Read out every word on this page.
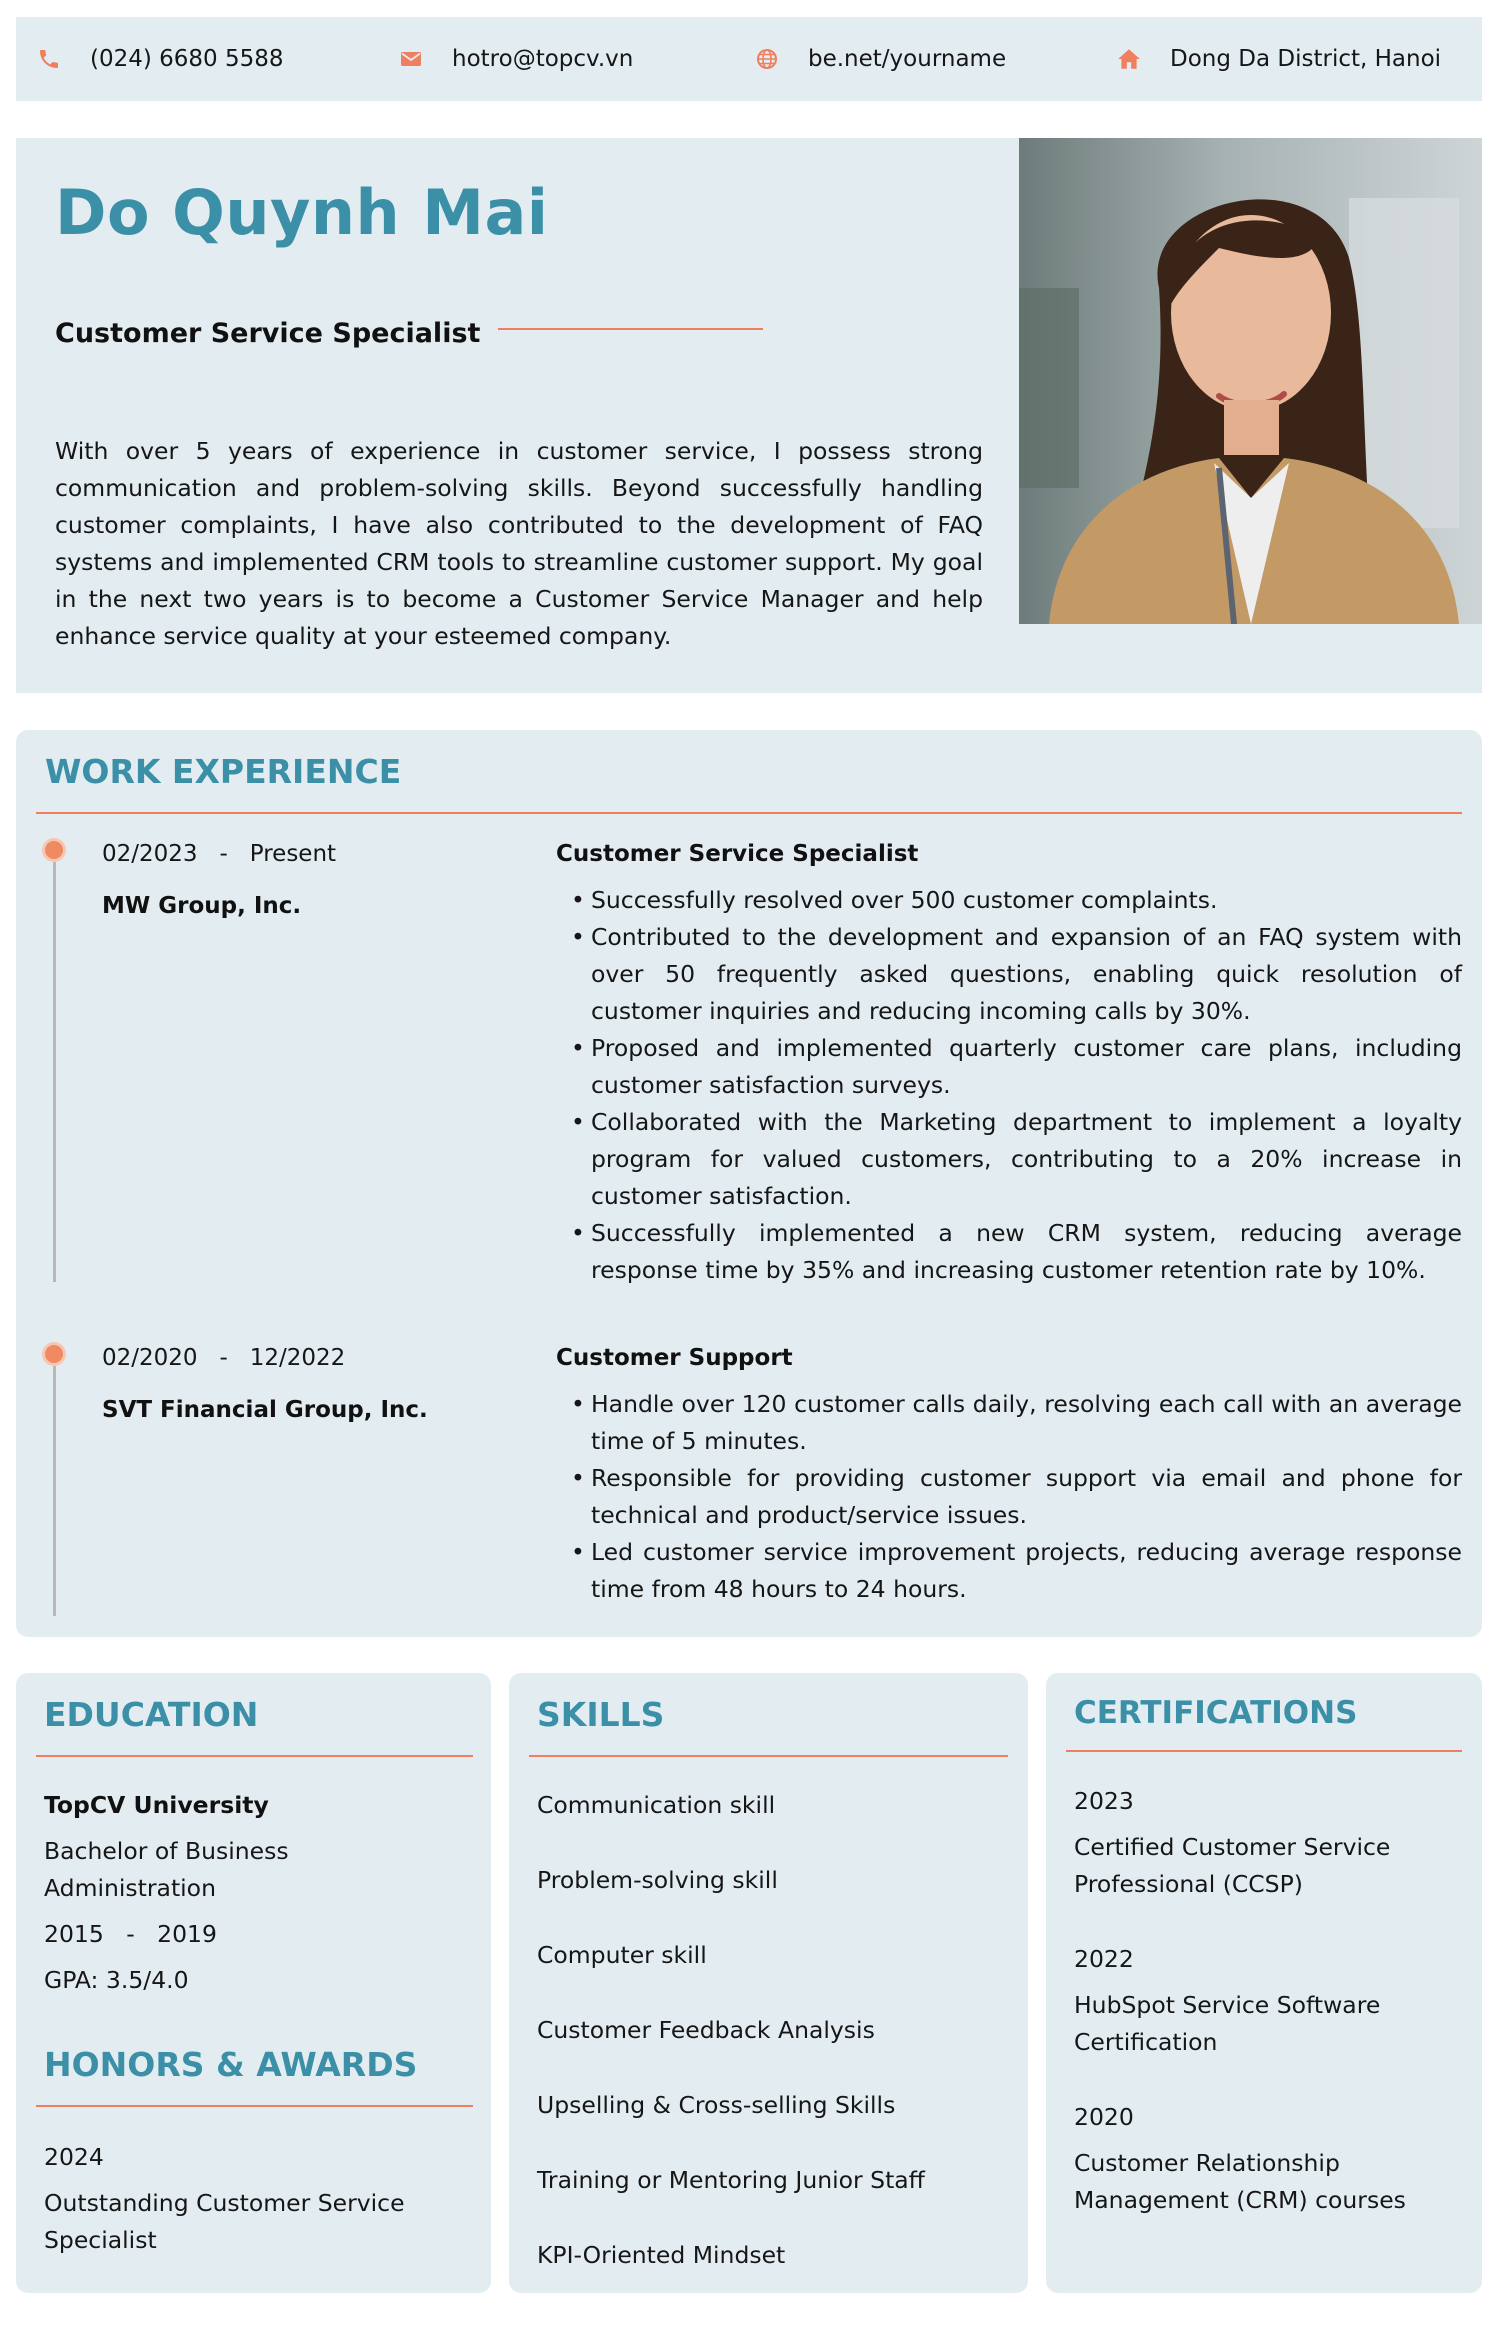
(024) 6680 5588	hotro@topcv.vn	be.net/yourname	Dong Da District, Hanoi
Do Quynh Mai
Customer Service Specialist

With over 5 years of experience in customer service, I possess strong communication and problem-solving skills. Beyond successfully handling customer complaints, I have also contributed to the development of FAQ systems and implemented CRM tools to streamline customer support. My goal in the next two years is to become a Customer Service Manager and help enhance service quality at your esteemed company.

WORK EXPERIENCE
02/2023 - Present
MW Group, Inc.
Customer Service Specialist
• Successfully resolved over 500 customer complaints.
• Contributed to the development and expansion of an FAQ system with over 50 frequently asked questions, enabling quick resolution of customer inquiries and reducing incoming calls by 30%.
• Proposed and implemented quarterly customer care plans, including customer satisfaction surveys.
• Collaborated with the Marketing department to implement a loyalty program for valued customers, contributing to a 20% increase in customer satisfaction.
• Successfully implemented a new CRM system, reducing average response time by 35% and increasing customer retention rate by 10%.
02/2020 - 12/2022
SVT Financial Group, Inc.
Customer Support
• Handle over 120 customer calls daily, resolving each call with an average time of 5 minutes.
• Responsible for providing customer support via email and phone for technical and product/service issues.
• Led customer service improvement projects, reducing average response time from 48 hours to 24 hours.
EDUCATION
TopCV University
Bachelor of Business Administration
2015 - 2019
GPA: 3.5/4.0
HONORS & AWARDS
2024
Outstanding Customer Service Specialist
SKILLS
Communication skill
Problem-solving skill
Computer skill
Customer Feedback Analysis
Upselling & Cross-selling Skills
Training or Mentoring Junior Staff
KPI-Oriented Mindset
CERTIFICATIONS
2023
Certified Customer Service Professional (CCSP)
2022
HubSpot Service Software Certification
2020
Customer Relationship Management (CRM) courses
